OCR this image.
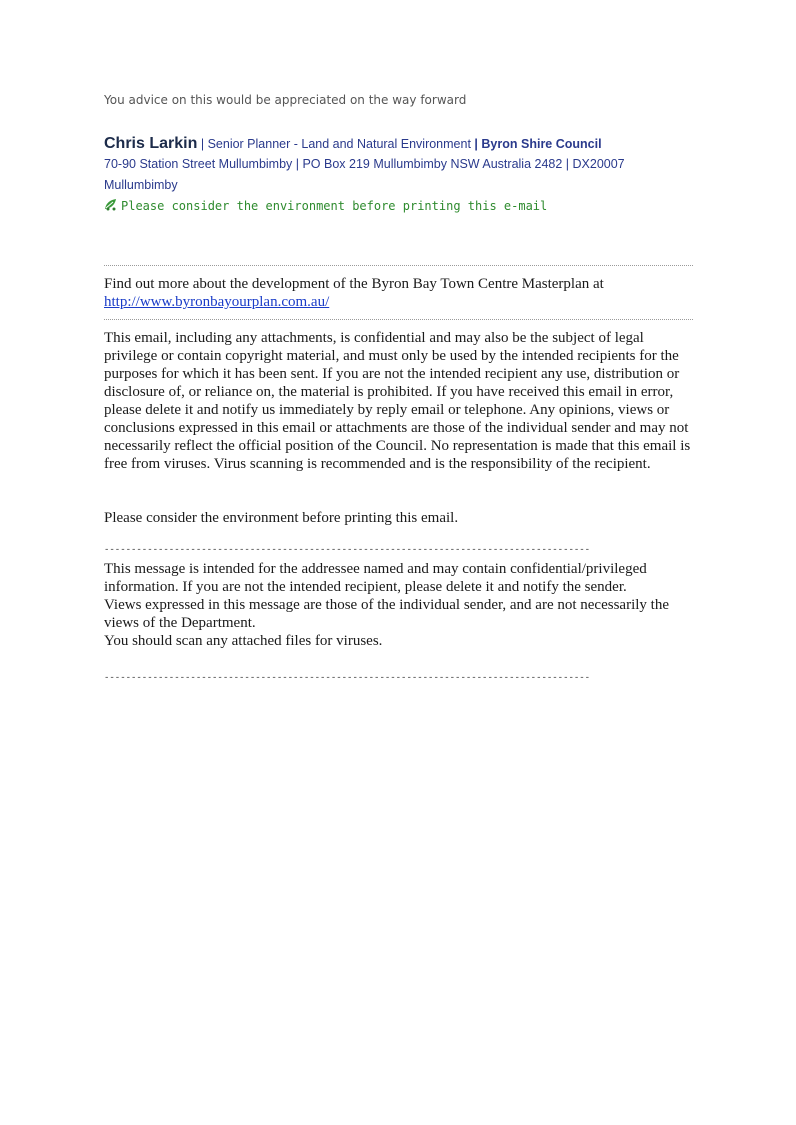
You advice on this would be appreciated on the way forward
Chris Larkin | Senior Planner - Land and Natural Environment | Byron Shire Council
70-90 Station Street Mullumbimby | PO Box 219 Mullumbimby NSW Australia 2482 | DX20007 Mullumbimby
Please consider the environment before printing this e-mail
Find out more about the development of the Byron Bay Town Centre Masterplan at
http://www.byronbayourplan.com.au/
This email, including any attachments, is confidential and may also be the subject of legal privilege or contain copyright material, and must only be used by the intended recipients for the purposes for which it has been sent. If you are not the intended recipient any use, distribution or disclosure of, or reliance on, the material is prohibited. If you have received this email in error, please delete it and notify us immediately by reply email or telephone. Any opinions, views or conclusions expressed in this email or attachments are those of the individual sender and may not necessarily reflect the official position of the Council. No representation is made that this email is free from viruses. Virus scanning is recommended and is the responsibility of the recipient.
Please consider the environment before printing this email.
------------------------------------------------------------------------------------------
This message is intended for the addressee named and may contain confidential/privileged information. If you are not the intended recipient, please delete it and notify the sender.
Views expressed in this message are those of the individual sender, and are not necessarily the views of the Department.
You should scan any attached files for viruses.
------------------------------------------------------------------------------------------
